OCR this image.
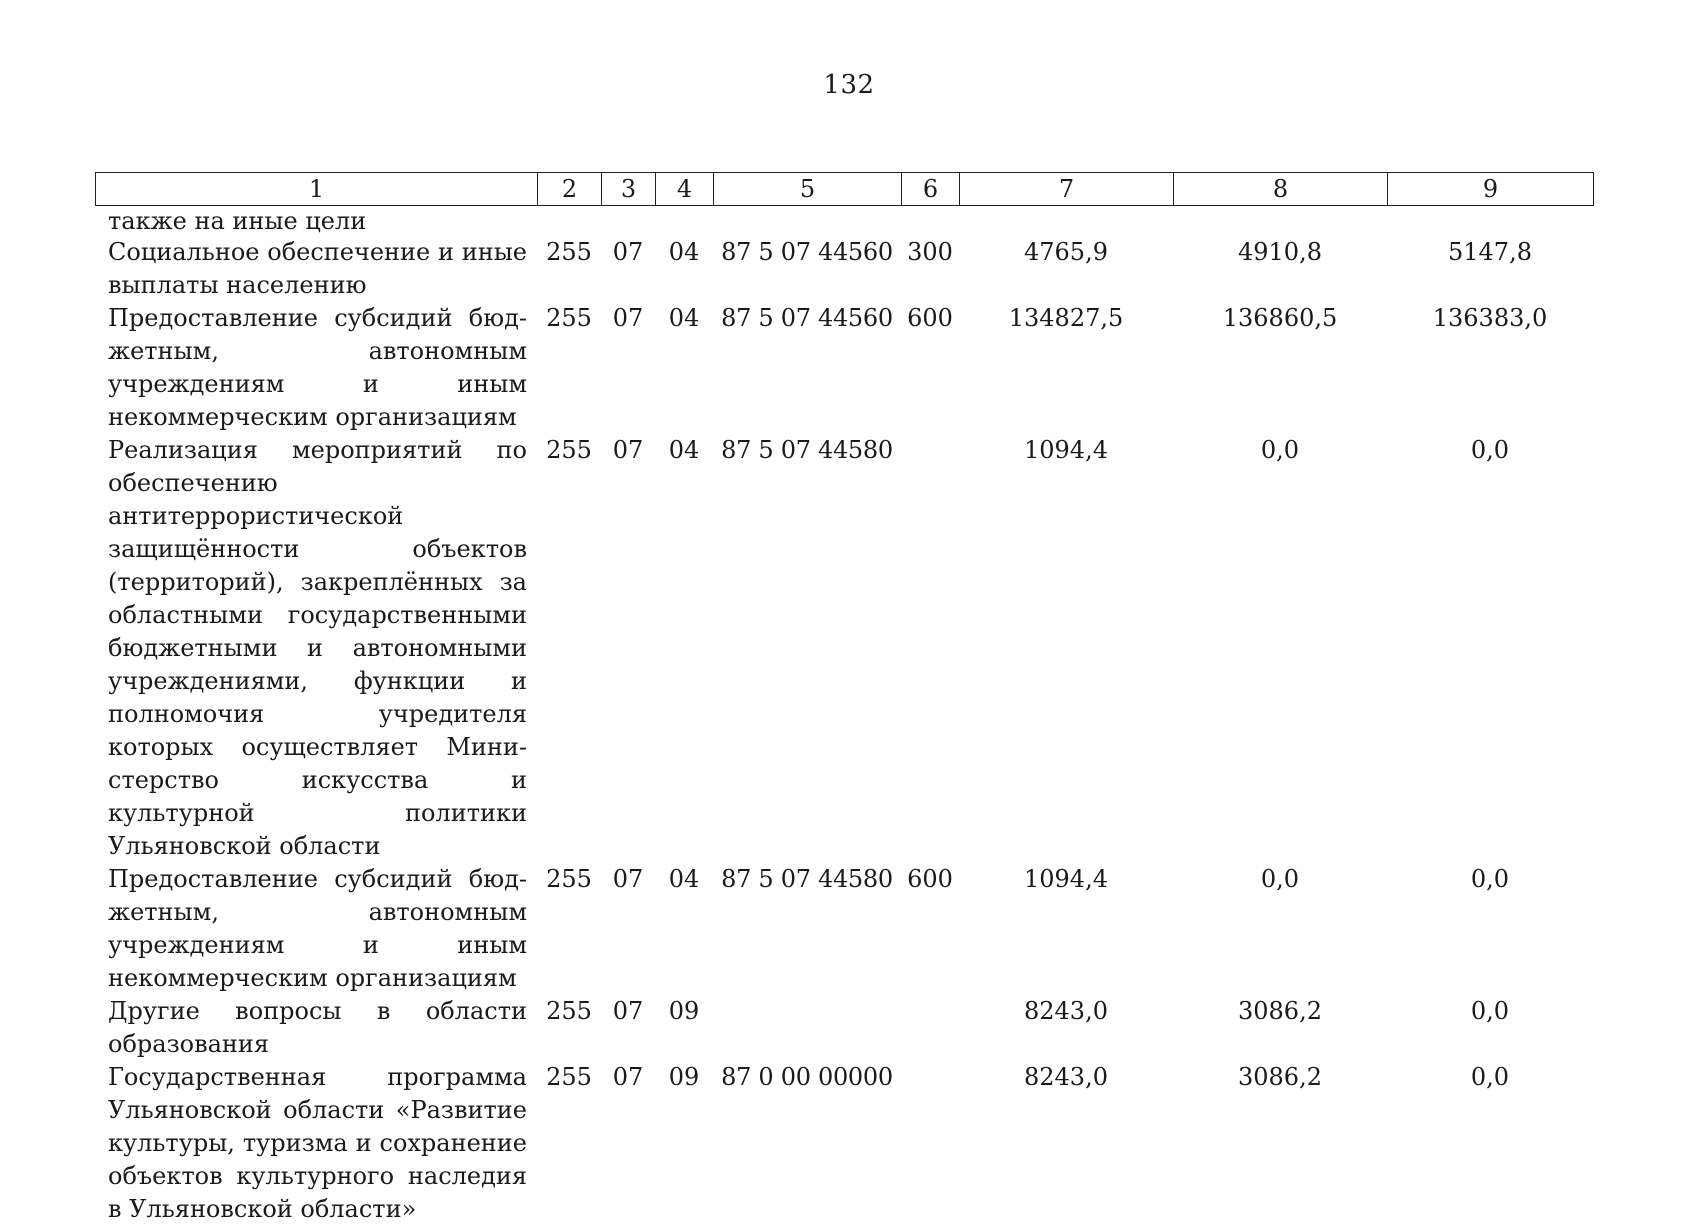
132
1	2	3	4	5	6	7	8	9
также на иные цели								
Социальное обеспечение и иные выплаты населению	255	07	04	87 5 07 44560	300	4765,9	4910,8	5147,8
Предоставление субсидий бюджетным, автономным учреждениям и иным некоммерческим организациям	255	07	04	87 5 07 44560	600	134827,5	136860,5	136383,0
Реализация мероприятий по обеспечению антитеррористической защищённости объектов (территорий), закреплённых за областными государственными бюджетными и автономными учреждениями, функции и полномочия учредителя которых осуществляет Министерство искусства и культурной политики Ульяновской области	255	07	04	87 5 07 44580		1094,4	0,0	0,0
Предоставление субсидий бюджетным, автономным учреждениям и иным некоммерческим организациям	255	07	04	87 5 07 44580	600	1094,4	0,0	0,0
Другие вопросы в области образования	255	07	09			8243,0	3086,2	0,0
Государственная программа Ульяновской области «Развитие культуры, туризма и сохранение объектов культурного наследия в Ульяновской области»	255	07	09	87 0 00 00000		8243,0	3086,2	0,0
